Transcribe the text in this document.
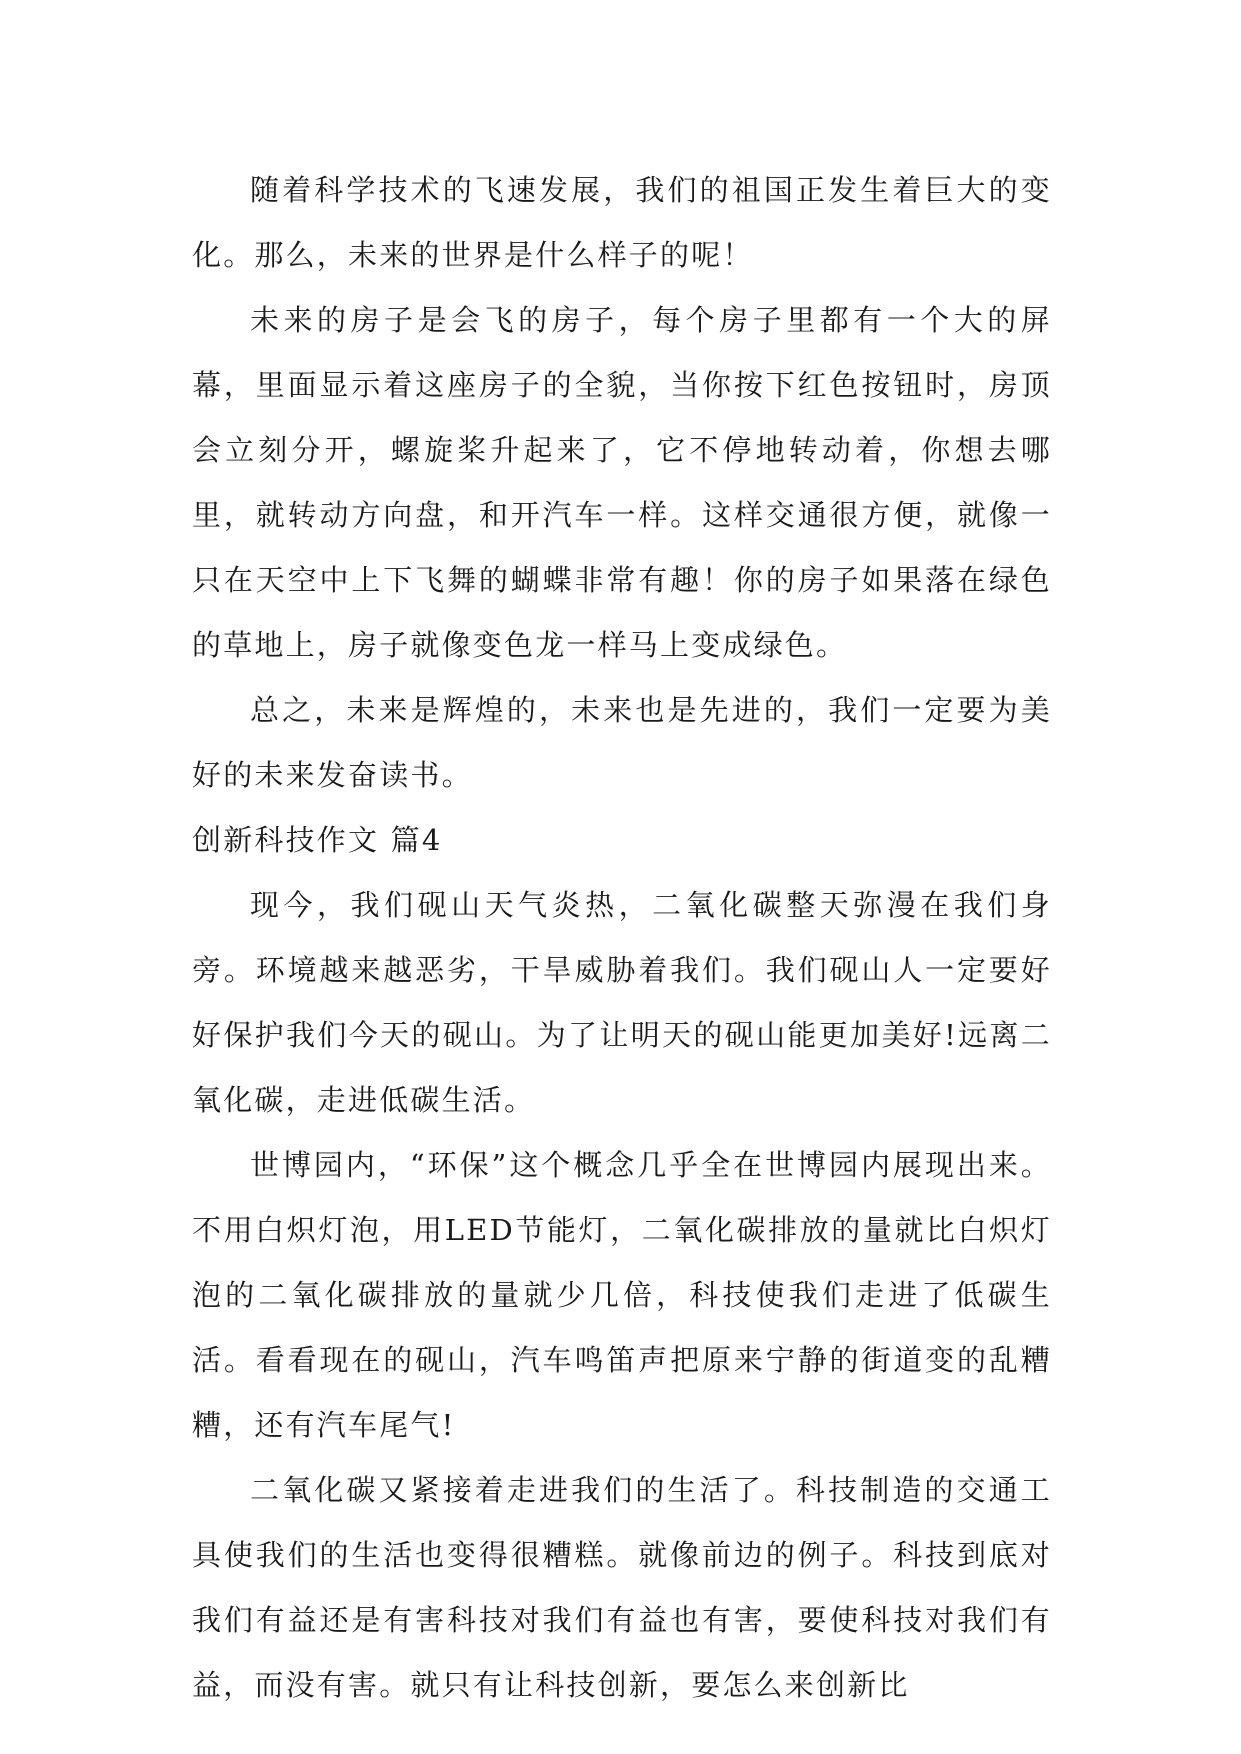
随着科学技术的飞速发展，我们的祖国正发生着巨大的变化。那么，未来的世界是什么样子的呢！

未来的房子是会飞的房子，每个房子里都有一个大的屏幕，里面显示着这座房子的全貌，当你按下红色按钮时，房顶会立刻分开，螺旋桨升起来了，它不停地转动着，你想去哪里，就转动方向盘，和开汽车一样。这样交通很方便，就像一只在天空中上下飞舞的蝴蝶非常有趣！你的房子如果落在绿色的草地上，房子就像变色龙一样马上变成绿色。

总之，未来是辉煌的，未来也是先进的，我们一定要为美好的未来发奋读书。

创新科技作文 篇4

现今，我们砚山天气炎热，二氧化碳整天弥漫在我们身旁。环境越来越恶劣，干旱威胁着我们。我们砚山人一定要好好保护我们今天的砚山。为了让明天的砚山能更加美好!远离二氧化碳，走进低碳生活。

世博园内，“环保”这个概念几乎全在世博园内展现出来。不用白炽灯泡，用LED节能灯，二氧化碳排放的量就比白炽灯泡的二氧化碳排放的量就少几倍，科技使我们走进了低碳生活。看看现在的砚山，汽车鸣笛声把原来宁静的街道变的乱糟糟，还有汽车尾气!

二氧化碳又紧接着走进我们的生活了。科技制造的交通工具使我们的生活也变得很糟糕。就像前边的例子。科技到底对我们有益还是有害科技对我们有益也有害，要使科技对我们有益，而没有害。就只有让科技创新，要怎么来创新比
